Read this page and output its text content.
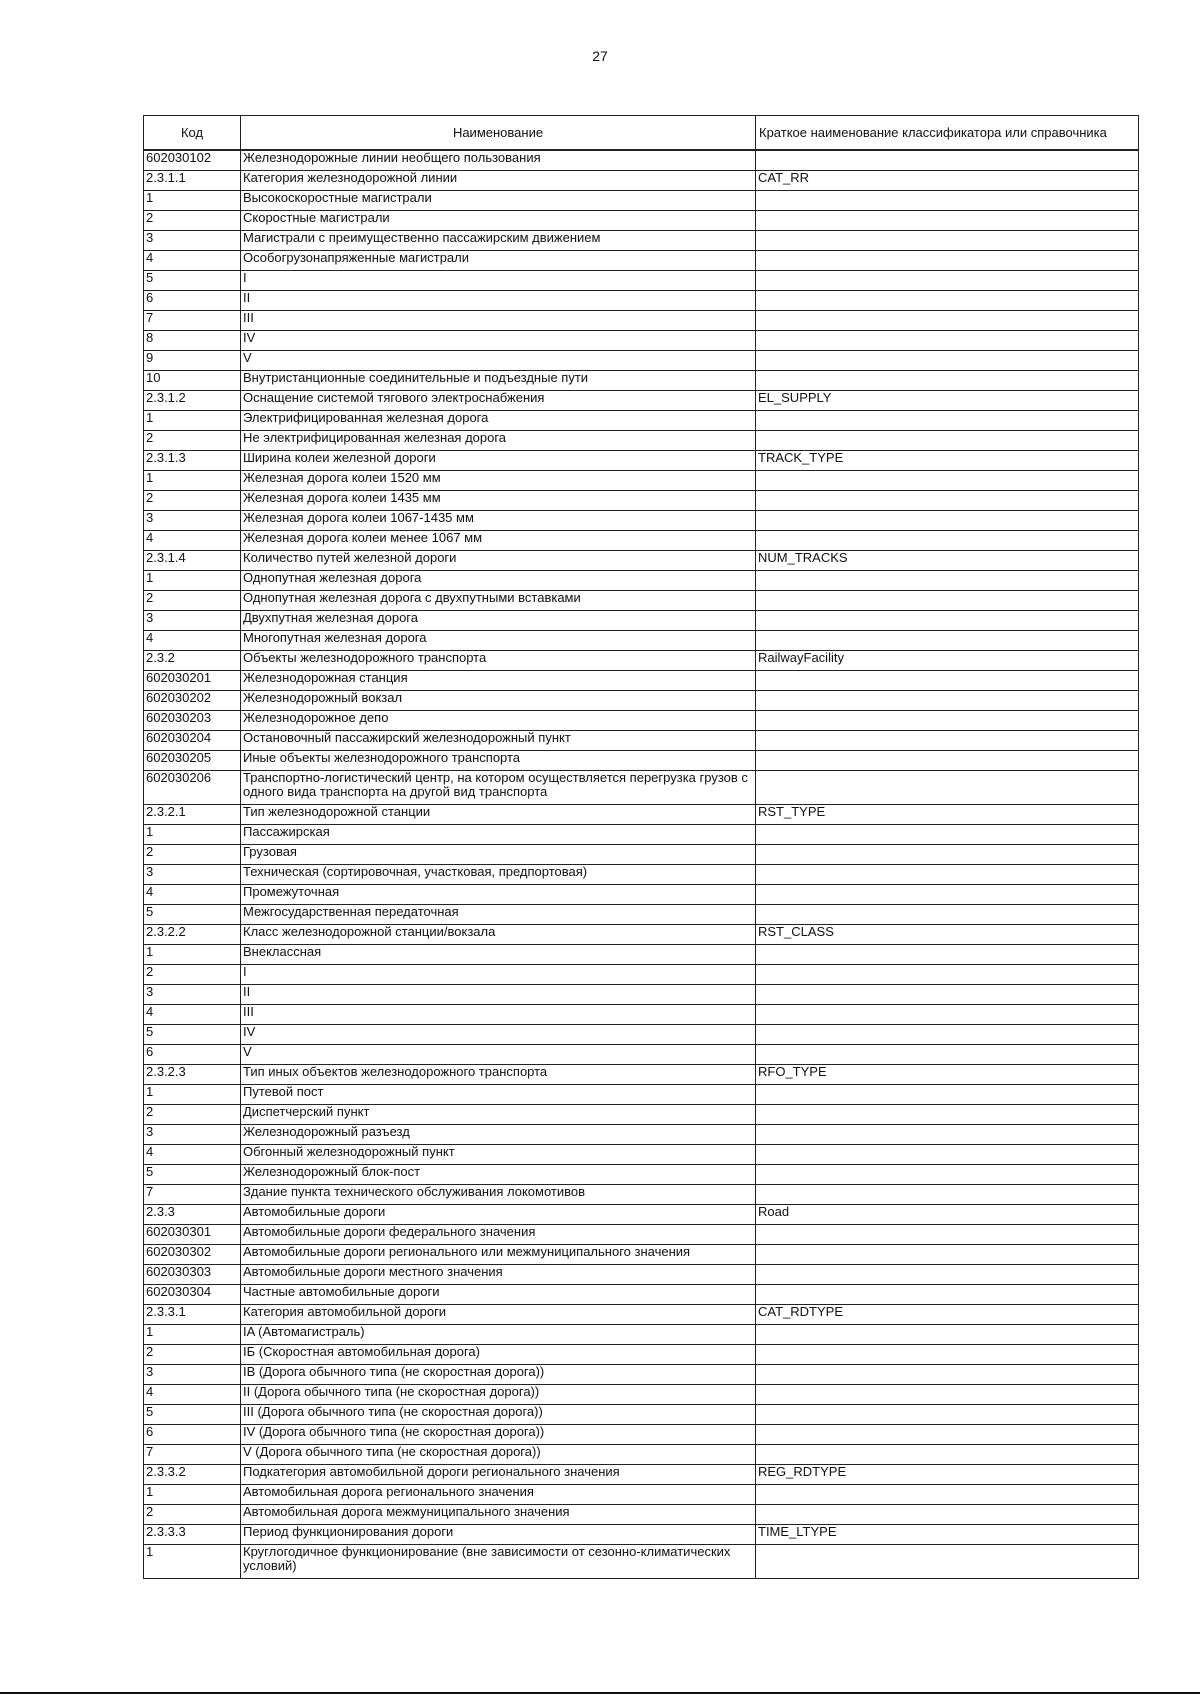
27
Код	Наименование	Краткое наименование классификатора или справочника
602030102	Железнодорожные линии необщего пользования	
2.3.1.1	Категория железнодорожной линии	CAT_RR
1	Высокоскоростные магистрали	
2	Скоростные магистрали	
3	Магистрали с преимущественно пассажирским движением	
4	Особогрузонапряженные магистрали	
5	I	
6	II	
7	III	
8	IV	
9	V	
10	Внутристанционные соединительные и подъездные пути	
2.3.1.2	Оснащение системой тягового электроснабжения	EL_SUPPLY
1	Электрифицированная железная дорога	
2	Не электрифицированная железная дорога	
2.3.1.3	Ширина колеи железной дороги	TRACK_TYPE
1	Железная дорога колеи 1520 мм	
2	Железная дорога колеи 1435 мм	
3	Железная дорога колеи 1067-1435 мм	
4	Железная дорога колеи менее 1067 мм	
2.3.1.4	Количество путей железной дороги	NUM_TRACKS
1	Однопутная железная дорога	
2	Однопутная железная дорога с двухпутными вставками	
3	Двухпутная железная дорога	
4	Многопутная железная дорога	
2.3.2	Объекты железнодорожного транспорта	RailwayFacility
602030201	Железнодорожная станция	
602030202	Железнодорожный вокзал	
602030203	Железнодорожное депо	
602030204	Остановочный пассажирский железнодорожный пункт	
602030205	Иные объекты железнодорожного транспорта	
602030206	Транспортно-логистический центр, на котором осуществляется перегрузка грузов с одного вида транспорта на другой вид транспорта	
2.3.2.1	Тип железнодорожной станции	RST_TYPE
1	Пассажирская	
2	Грузовая	
3	Техническая (сортировочная, участковая, предпортовая)	
4	Промежуточная	
5	Межгосударственная передаточная	
2.3.2.2	Класс железнодорожной станции/вокзала	RST_CLASS
1	Внеклассная	
2	I	
3	II	
4	III	
5	IV	
6	V	
2.3.2.3	Тип иных объектов железнодорожного транспорта	RFO_TYPE
1	Путевой пост	
2	Диспетчерский пункт	
3	Железнодорожный разъезд	
4	Обгонный железнодорожный пункт	
5	Железнодорожный блок-пост	
7	Здание пункта технического обслуживания локомотивов	
2.3.3	Автомобильные дороги	Road
602030301	Автомобильные дороги федерального значения	
602030302	Автомобильные дороги регионального или межмуниципального значения	
602030303	Автомобильные дороги местного значения	
602030304	Частные автомобильные дороги	
2.3.3.1	Категория автомобильной дороги	CAT_RDTYPE
1	IA (Автомагистраль)	
2	IБ (Скоростная автомобильная дорога)	
3	IВ (Дорога обычного типа (не скоростная дорога))	
4	II (Дорога обычного типа (не скоростная дорога))	
5	III (Дорога обычного типа (не скоростная дорога))	
6	IV (Дорога обычного типа (не скоростная дорога))	
7	V (Дорога обычного типа (не скоростная дорога))	
2.3.3.2	Подкатегория автомобильной дороги регионального значения	REG_RDTYPE
1	Автомобильная дорога регионального значения	
2	Автомобильная дорога межмуниципального значения	
2.3.3.3	Период функционирования дороги	TIME_LTYPE
1	Круглогодичное функционирование (вне зависимости от сезонно-климатических условий)	
